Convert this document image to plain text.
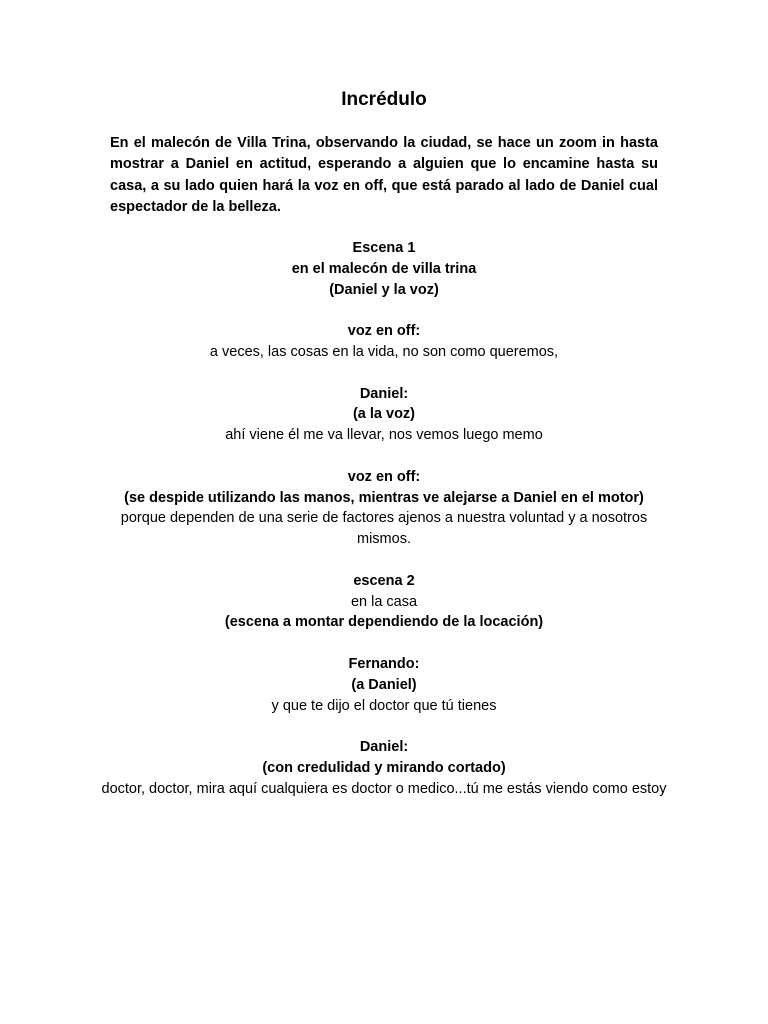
Incrédulo
En el malecón de Villa Trina, observando la ciudad, se hace un zoom in hasta mostrar a Daniel en actitud, esperando a alguien que lo encamine hasta su casa, a su lado quien hará la voz en off, que está parado al lado de Daniel cual espectador de la belleza.
Escena 1
en el malecón de villa trina
(Daniel y la voz)
voz en off:
a veces, las cosas en la vida, no son como queremos,
Daniel:
(a la voz)
ahí viene él me va llevar, nos vemos luego memo
voz en off:
(se despide utilizando las manos, mientras ve alejarse a Daniel en el motor)
porque dependen de una serie de factores ajenos a nuestra voluntad y a nosotros mismos.
escena 2
en la casa
(escena a montar dependiendo de la locación)
Fernando:
(a Daniel)
y que te dijo el doctor que tú tienes
Daniel:
(con credulidad y mirando cortado)
doctor, doctor, mira aquí cualquiera es doctor o medico...tú me estás viendo como estoy
